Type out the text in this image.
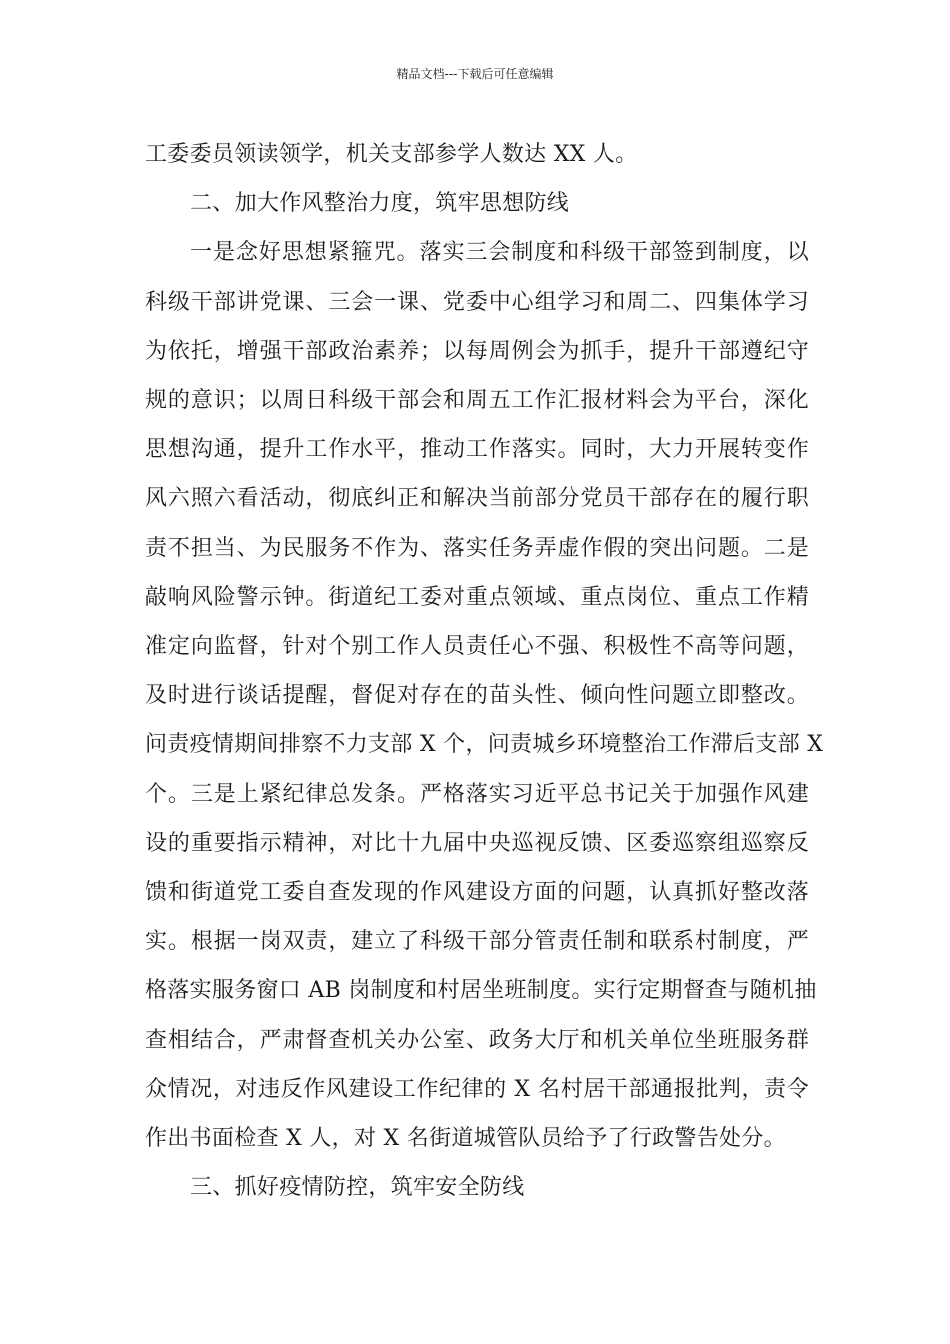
精品文档---下载后可任意编辑
工委委员领读领学，机关支部参学人数达 XX 人。
二、加大作风整治力度，筑牢思想防线
一是念好思想紧箍咒。落实三会制度和科级干部签到制度，以
科级干部讲党课、三会一课、党委中心组学习和周二、四集体学习
为依托，增强干部政治素养；以每周例会为抓手，提升干部遵纪守
规的意识；以周日科级干部会和周五工作汇报材料会为平台，深化
思想沟通，提升工作水平，推动工作落实。同时，大力开展转变作
风六照六看活动，彻底纠正和解决当前部分党员干部存在的履行职
责不担当、为民服务不作为、落实任务弄虚作假的突出问题。二是
敲响风险警示钟。街道纪工委对重点领域、重点岗位、重点工作精
准定向监督，针对个别工作人员责任心不强、积极性不高等问题，
及时进行谈话提醒，督促对存在的苗头性、倾向性问题立即整改。
问责疫情期间排察不力支部 X 个，问责城乡环境整治工作滞后支部 X
个。三是上紧纪律总发条。严格落实习近平总书记关于加强作风建
设的重要指示精神，对比十九届中央巡视反馈、区委巡察组巡察反
馈和街道党工委自查发现的作风建设方面的问题，认真抓好整改落
实。根据一岗双责，建立了科级干部分管责任制和联系村制度，严
格落实服务窗口 AB 岗制度和村居坐班制度。实行定期督查与随机抽
查相结合，严肃督查机关办公室、政务大厅和机关单位坐班服务群
众情况，对违反作风建设工作纪律的 X 名村居干部通报批判，责令
作出书面检查 X 人，对 X 名街道城管队员给予了行政警告处分。
三、抓好疫情防控，筑牢安全防线
